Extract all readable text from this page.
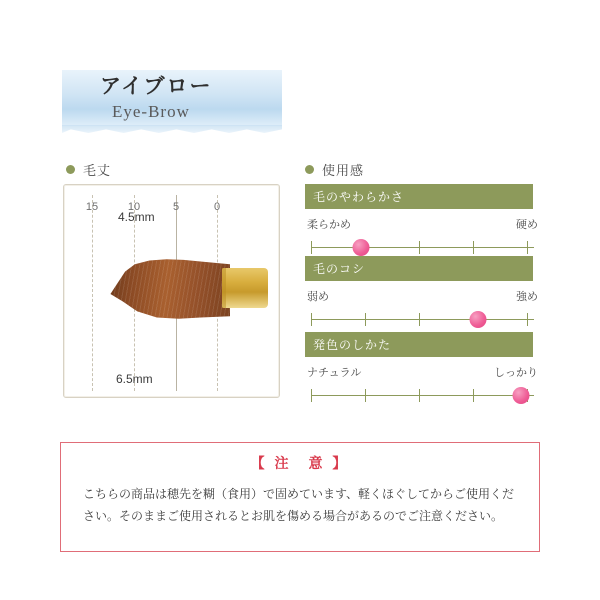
アイブロー
Eye-Brow
毛丈	使用感
15	10	5	0
4.5mm
6.5mm
毛のやわらかさ
柔らかめ	硬め
毛のコシ
弱め	強め
発色のしかた
ナチュラル	しっかり
【 注　意 】
こちらの商品は穂先を糊（食用）で固めています、軽くほぐしてからご使用ください。そのままご使用されるとお肌を傷める場合があるのでご注意ください。
